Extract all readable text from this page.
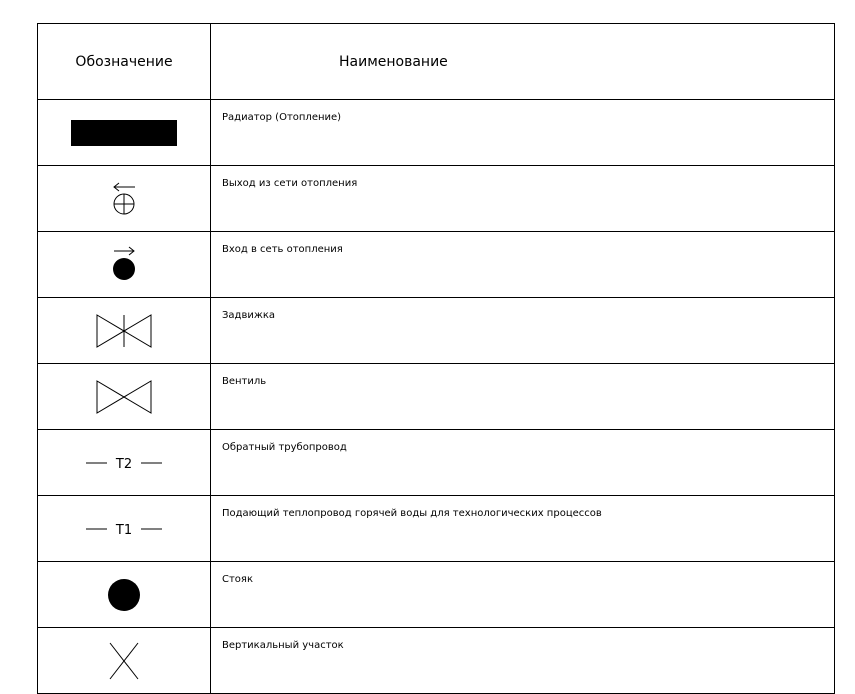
Обозначение	Наименование

	Радиатор (Отопление)

	Выход из сети отопления

	Вход в сеть отопления

	Задвижка

	Вентиль

T2	Обратный трубопровод

T1	Подающий теплопровод горячей воды для технологических процессов

	Стояк

	Вертикальный участок
